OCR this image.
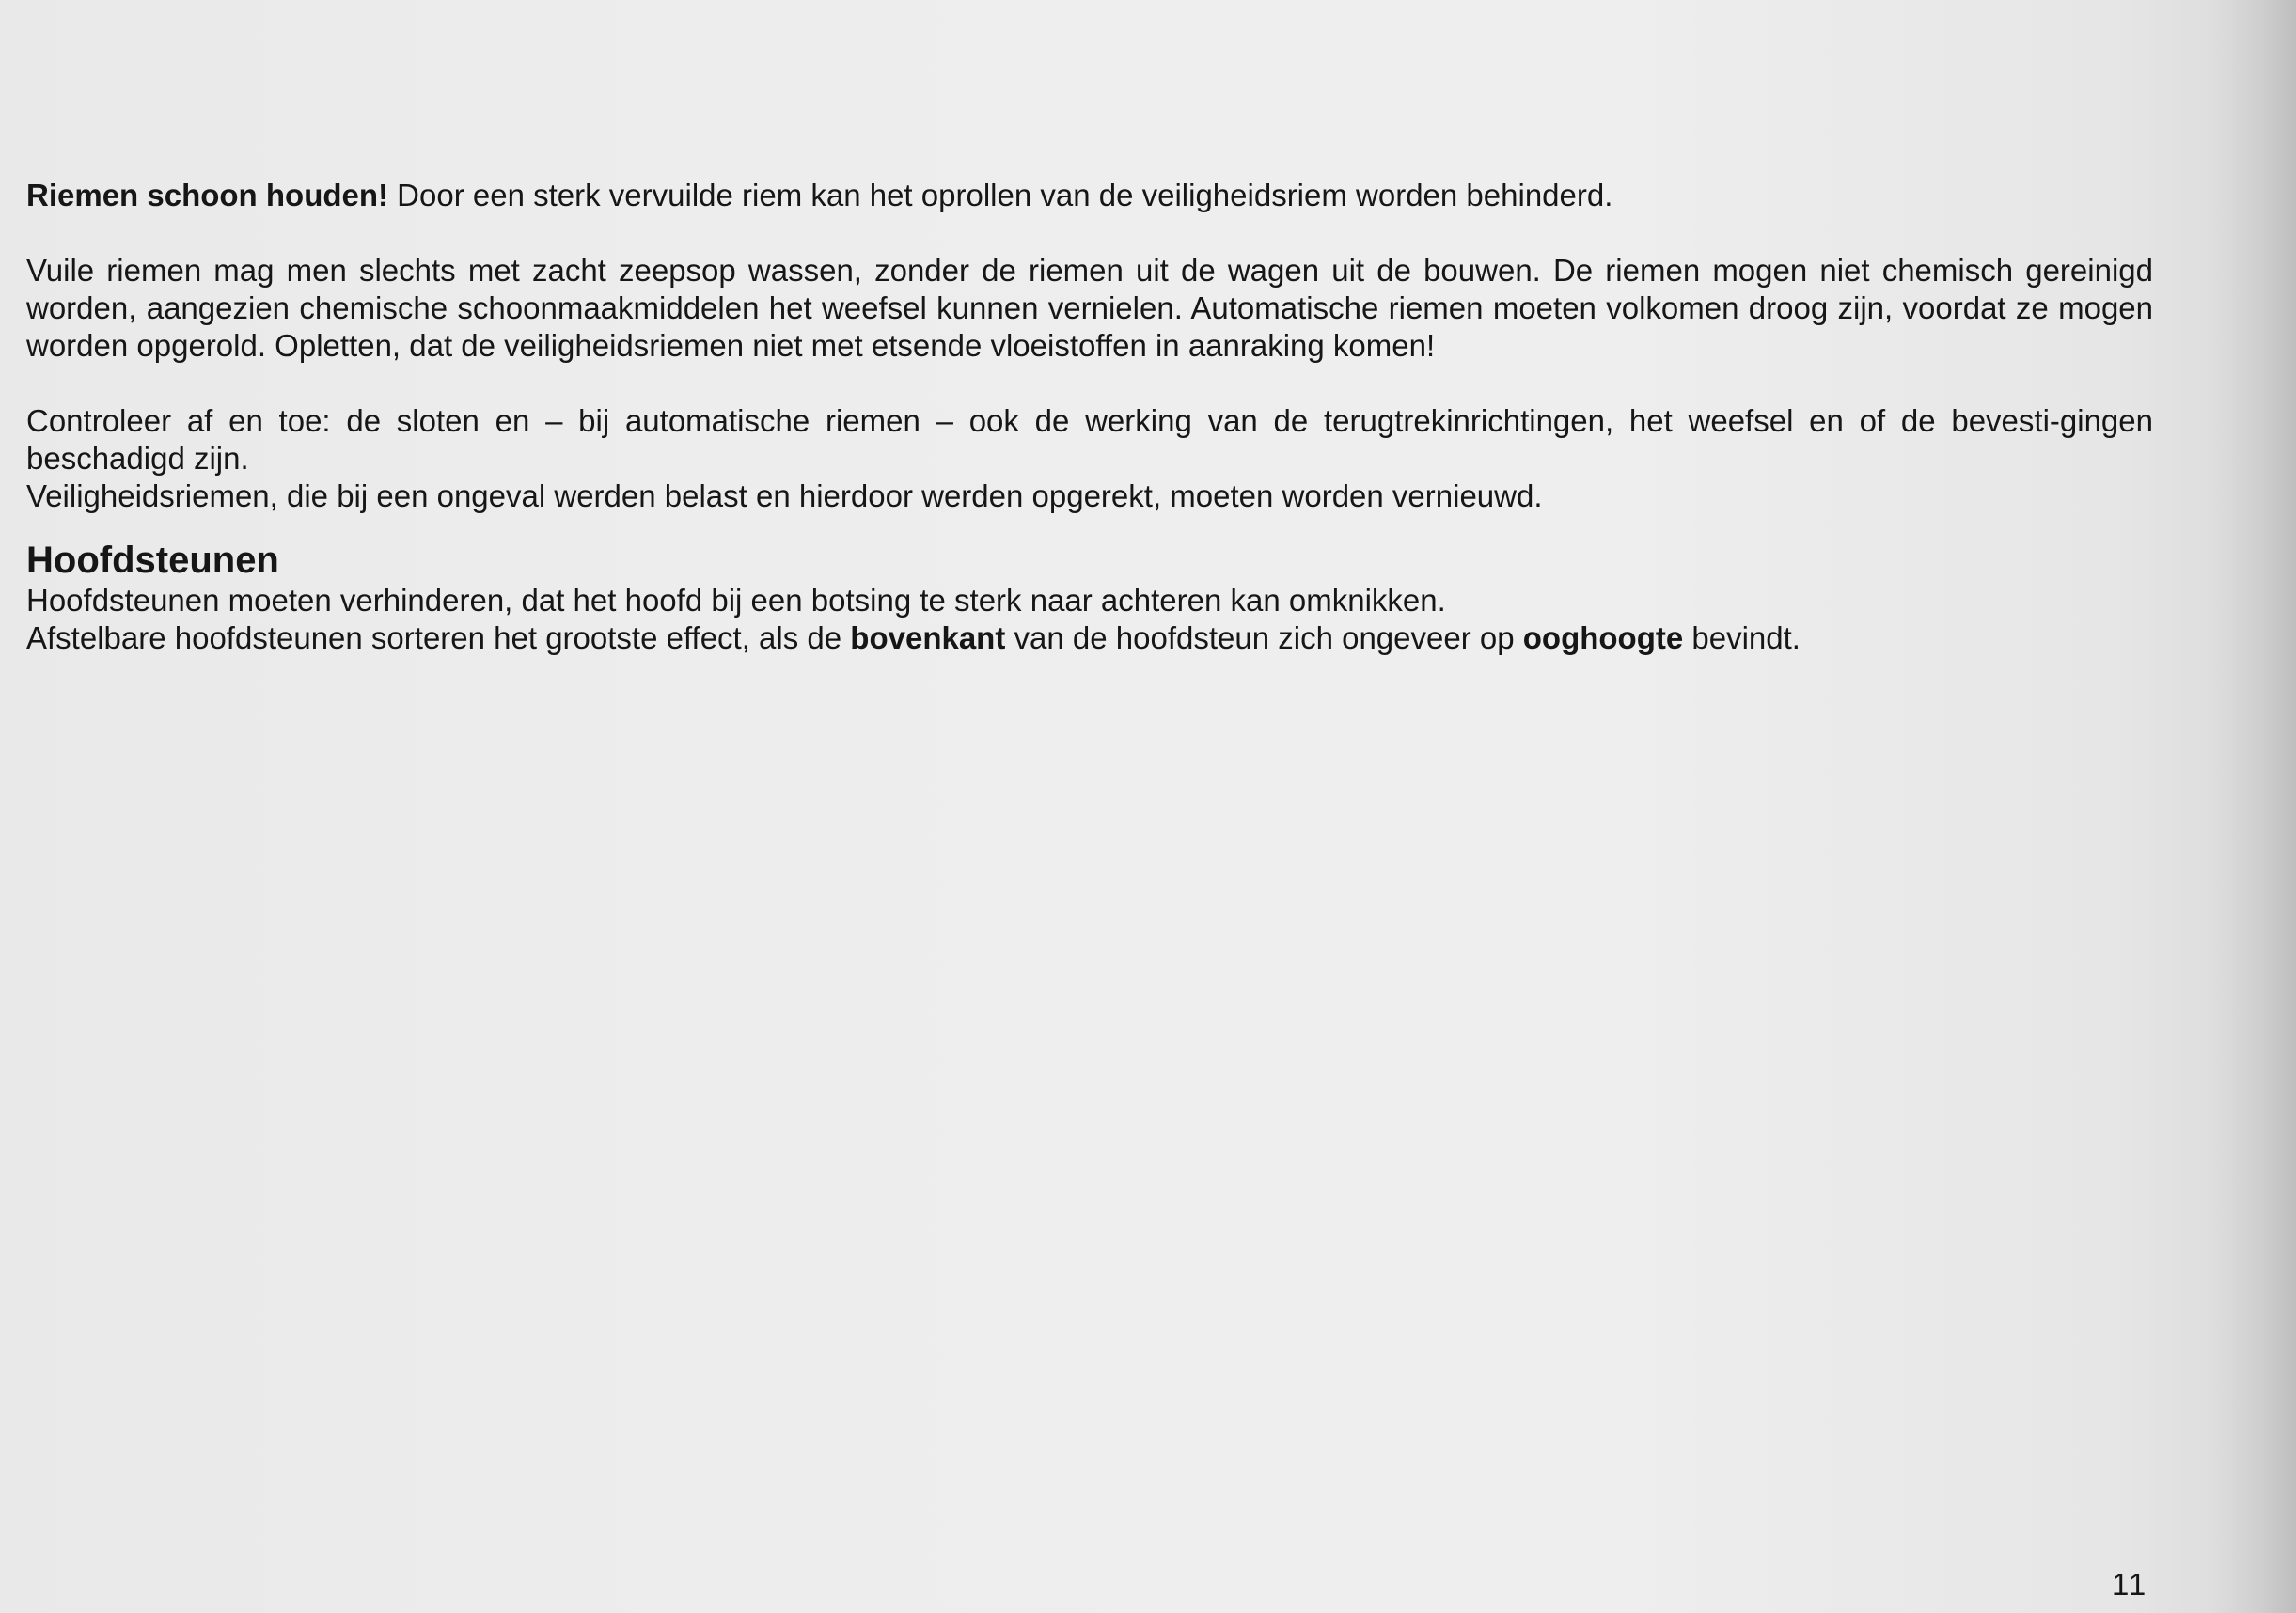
Riemen schoon houden! Door een sterk vervuilde riem kan het oprollen van de veiligheidsriem worden behinderd.

Vuile riemen mag men slechts met zacht zeepsop wassen, zonder de riemen uit de wagen uit de bouwen. De riemen mogen niet chemisch gereinigd worden, aangezien chemische schoonmaakmiddelen het weefsel kunnen vernielen. Automatische riemen moeten volkomen droog zijn, voordat ze mogen worden opgerold. Opletten, dat de veiligheidsriemen niet met etsende vloeistoffen in aanraking komen!

Controleer af en toe: de sloten en – bij automatische riemen – ook de werking van de terugtrekinrichtingen, het weefsel en of de bevesti-gingen beschadigd zijn.

Veiligheidsriemen, die bij een ongeval werden belast en hierdoor werden opgerekt, moeten worden vernieuwd.

Hoofdsteunen

Hoofdsteunen moeten verhinderen, dat het hoofd bij een botsing te sterk naar achteren kan omknikken.

Afstelbare hoofdsteunen sorteren het grootste effect, als de bovenkant van de hoofdsteun zich ongeveer op ooghoogte bevindt.

11
